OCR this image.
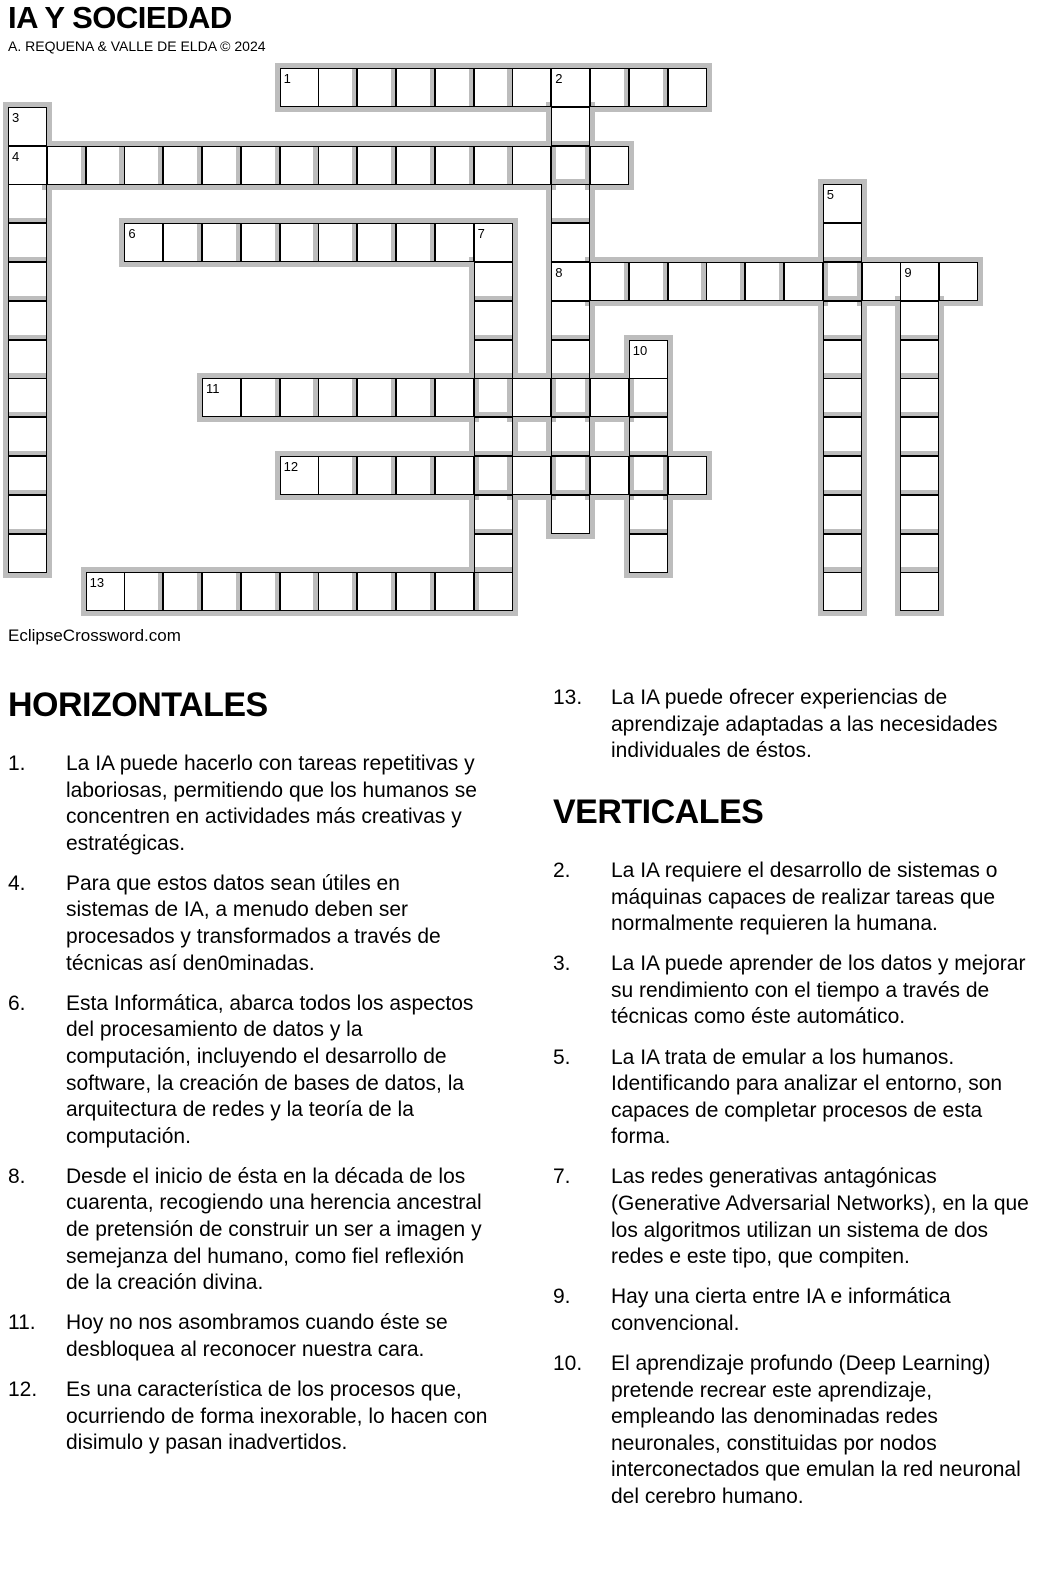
IA Y SOCIEDAD
A. REQUENA & VALLE DE ELDA © 2024
1	2
8
3
4
5
6	7
9
10
11
12
13
EclipseCrossword.com
HORIZONTALES
1.	La IA puede hacerlo con tareas repetitivas y laboriosas, permitiendo que los humanos se concentren en actividades más creativas y estratégicas.
4.	Para que estos datos sean útiles en sistemas de IA, a menudo deben ser procesados y transformados a través de técnicas así den0minadas.
6.	Esta Informática, abarca todos los aspectos del procesamiento de datos y la computación, incluyendo el desarrollo de software, la creación de bases de datos, la arquitectura de redes y la teoría de la computación.
8.	Desde el inicio de ésta en la década de los cuarenta, recogiendo una herencia ancestral de pretensión de construir un ser a imagen y semejanza del humano, como fiel reflexión de la creación divina.
11.	Hoy no nos asombramos cuando éste se desbloquea al reconocer nuestra cara.
12.	Es una característica de los procesos que, ocurriendo de forma inexorable, lo hacen con disimulo y pasan inadvertidos.
13.	La IA puede ofrecer experiencias de aprendizaje adaptadas a las necesidades individuales de éstos.
VERTICALES
2.	La IA requiere el desarrollo de sistemas o máquinas capaces de realizar tareas que normalmente requieren la humana.
3.	La IA puede aprender de los datos y mejorar su rendimiento con el tiempo a través de técnicas como éste automático.
5.	La IA trata de emular a los humanos. Identificando para analizar el entorno, son capaces de completar procesos de esta forma.
7.	Las redes generativas antagónicas (Generative Adversarial Networks), en la que los algoritmos utilizan un sistema de dos redes e este tipo, que compiten.
9.	Hay una cierta entre IA e informática convencional.
10.	El aprendizaje profundo (Deep Learning) pretende recrear este aprendizaje, empleando las denominadas redes neuronales, constituidas por nodos interconectados que emulan la red neuronal del cerebro humano.
